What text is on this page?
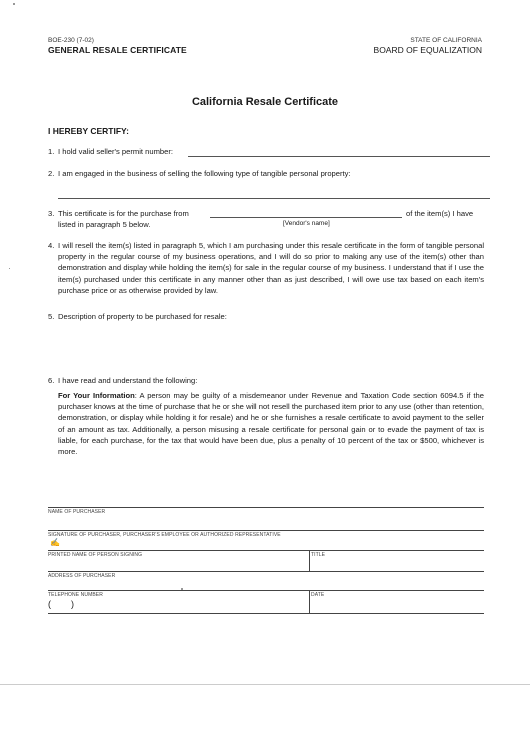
BOE-230 (7-02)
GENERAL RESALE CERTIFICATE
STATE OF CALIFORNIA
BOARD OF EQUALIZATION
California Resale Certificate
I HEREBY CERTIFY:
1. I hold valid seller's permit number:
2. I am engaged in the business of selling the following type of tangible personal property:
3. This certificate is for the purchase from	of the item(s) I have
listed in paragraph 5 below.	[Vendor's name]
4. I will resell the item(s) listed in paragraph 5, which I am purchasing under this resale certificate in the form of tangible personal property in the regular course of my business operations, and I will do so prior to making any use of the item(s) other than demonstration and display while holding the item(s) for sale in the regular course of my business. I understand that if I use the item(s) purchased under this certificate in any manner other than as just described, I will owe use tax based on each item's purchase price or as otherwise provided by law.
5. Description of property to be purchased for resale:
6. I have read and understand the following:
For Your Information: A person may be guilty of a misdemeanor under Revenue and Taxation Code section 6094.5 if the purchaser knows at the time of purchase that he or she will not resell the purchased item prior to any use (other than retention, demonstration, or display while holding it for resale) and he or she furnishes a resale certificate to avoid payment to the seller of an amount as tax. Additionally, a person misusing a resale certificate for personal gain or to evade the payment of tax is liable, for each purchase, for the tax that would have been due, plus a penalty of 10 percent of the tax or $500, whichever is more.
NAME OF PURCHASER
SIGNATURE OF PURCHASER, PURCHASER'S EMPLOYEE OR AUTHORIZED REPRESENTATIVE
✍
PRINTED NAME OF PERSON SIGNING	TITLE
ADDRESS OF PURCHASER
TELEPHONE NUMBER
(        )
DATE
